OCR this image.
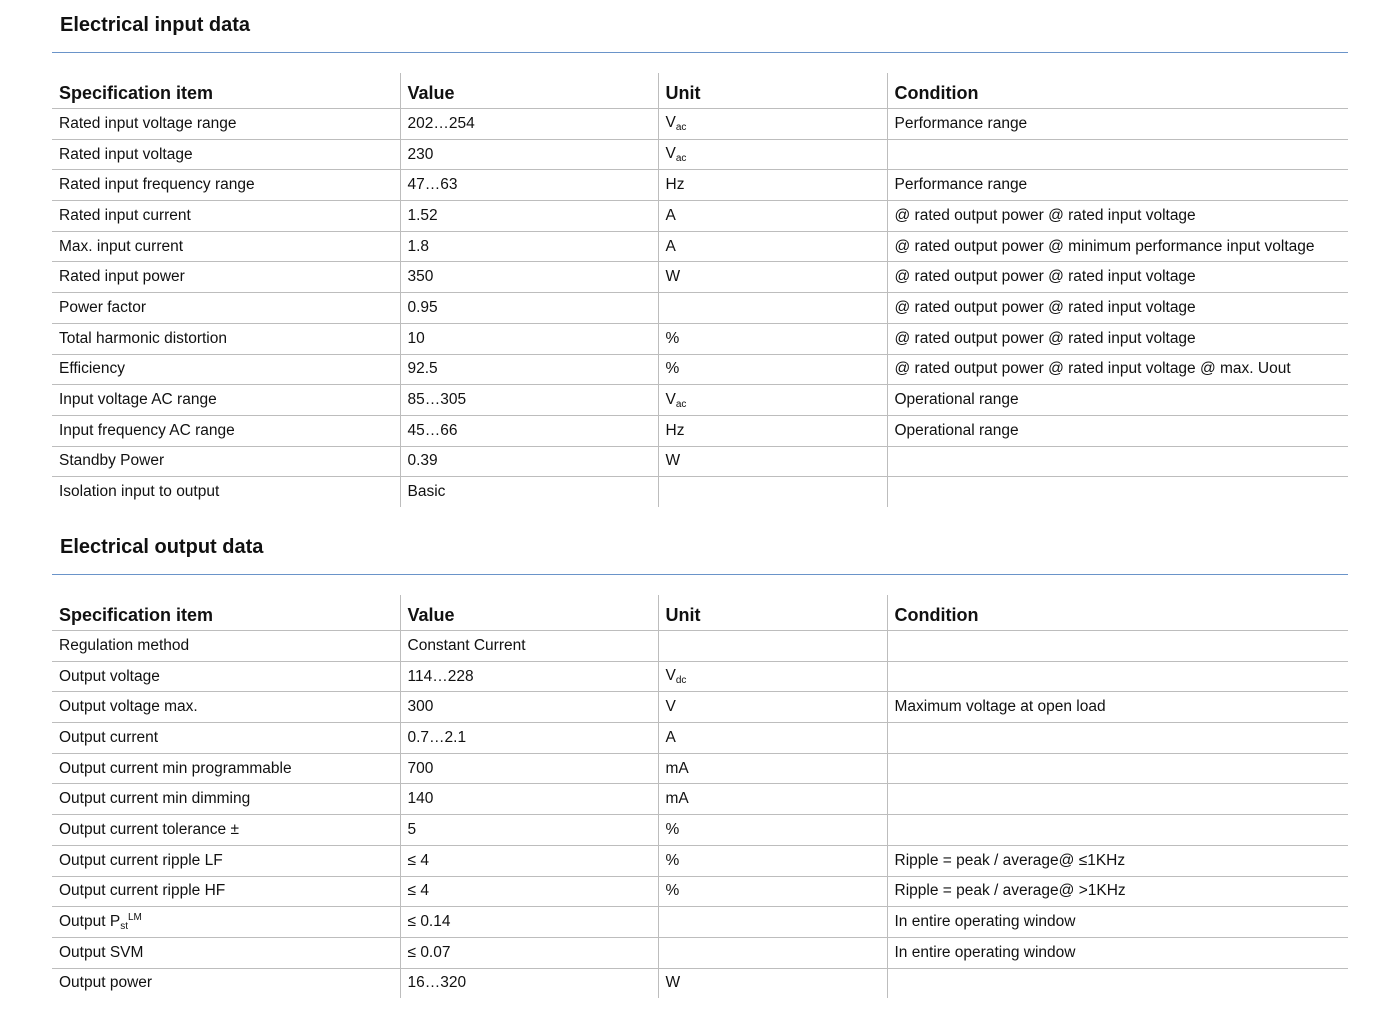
Electrical input data
Specification item	Value	Unit	Condition
Rated input voltage range	202…254	$V_{ac}$	Performance range
Rated input voltage	230	$V_{ac}$	
Rated input frequency range	47…63	Hz	Performance range
Rated input current	1.52	A	@ rated output power @ rated input voltage
Max. input current	1.8	A	@ rated output power @ minimum performance input voltage
Rated input power	350	W	@ rated output power @ rated input voltage
Power factor	0.95		@ rated output power @ rated input voltage
Total harmonic distortion	10	%	@ rated output power @ rated input voltage
Efficiency	92.5	%	@ rated output power @ rated input voltage @ max. Uout
Input voltage AC range	85…305	$V_{ac}$	Operational range
Input frequency AC range	45…66	Hz	Operational range
Standby Power	0.39	W	
Isolation input to output	Basic		
Electrical output data
Specification item	Value	Unit	Condition
Regulation method	Constant Current		
Output voltage	114…228	$V_{dc}$	
Output voltage max.	300	V	Maximum voltage at open load
Output current	0.7…2.1	A	
Output current min programmable	700	mA	
Output current min dimming	140	mA	
Output current tolerance ±	5	%	
Output current ripple LF	≤ 4	%	Ripple = peak / average@ ≤1KHz
Output current ripple HF	≤ 4	%	Ripple = peak / average@ >1KHz
Output $P_{st}^{LM}$	≤ 0.14		In entire operating window
Output SVM	≤ 0.07		In entire operating window
Output power	16…320	W	
